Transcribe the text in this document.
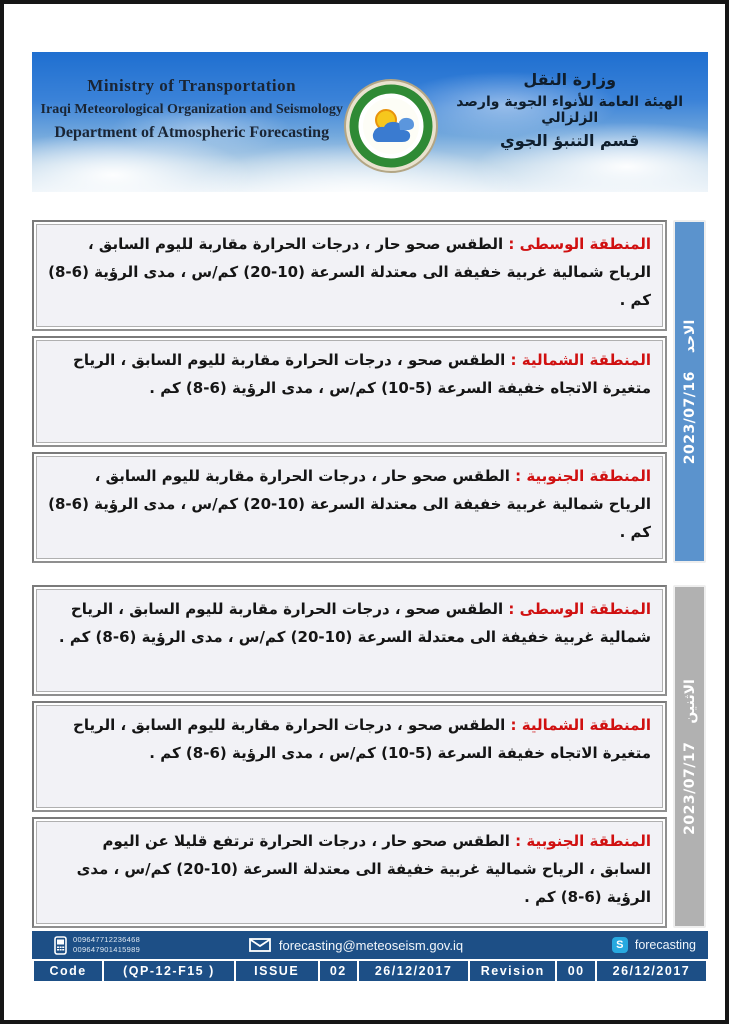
Ministry of Transportation
Iraqi Meteorological Organization and Seismology
Department of Atmospheric Forecasting
وزارة النقل
الهيئة العامة للأنواء الجوية وارصد الزلزالي
قسم التنبؤ الجوي
المنطقة الوسطى : الطقس صحو حار ، درجات الحرارة مقاربة لليوم السابق ، الرياح شمالية غربية خفيفة الى معتدلة السرعة (10-20) كم/س ، مدى الرؤية (6-8) كم .
المنطقة الشمالية : الطقس صحو ، درجات الحرارة مقاربة لليوم السابق ، الرياح متغيرة الاتجاه خفيفة السرعة (5-10) كم/س ، مدى الرؤية (6-8) كم .
المنطقة الجنوبية : الطقس صحو حار ، درجات الحرارة مقاربة لليوم السابق ، الرياح شمالية غربية خفيفة الى معتدلة السرعة (10-20) كم/س ، مدى الرؤية (6-8) كم .
الاحد
2023/07/16
المنطقة الوسطى : الطقس صحو ، درجات الحرارة مقاربة لليوم السابق ، الرياح شمالية غربية خفيفة الى معتدلة السرعة (10-20) كم/س ، مدى الرؤية (6-8) كم .
المنطقة الشمالية : الطقس صحو ، درجات الحرارة مقاربة لليوم السابق ، الرياح متغيرة الاتجاه خفيفة السرعة (5-10) كم/س ، مدى الرؤية (6-8) كم .
المنطقة الجنوبية : الطقس صحو حار ، درجات الحرارة ترتفع قليلا عن اليوم السابق ، الرياح شمالية غربية خفيفة الى معتدلة السرعة (10-20) كم/س ، مدى الرؤية (6-8) كم .
الاثنين
2023/07/17
009647712236468
009647901415989	forecasting@meteoseism.gov.iq	S forecasting
Code	(QP-12-F15 )	ISSUE	02	26/12/2017	Revision	00	26/12/2017
